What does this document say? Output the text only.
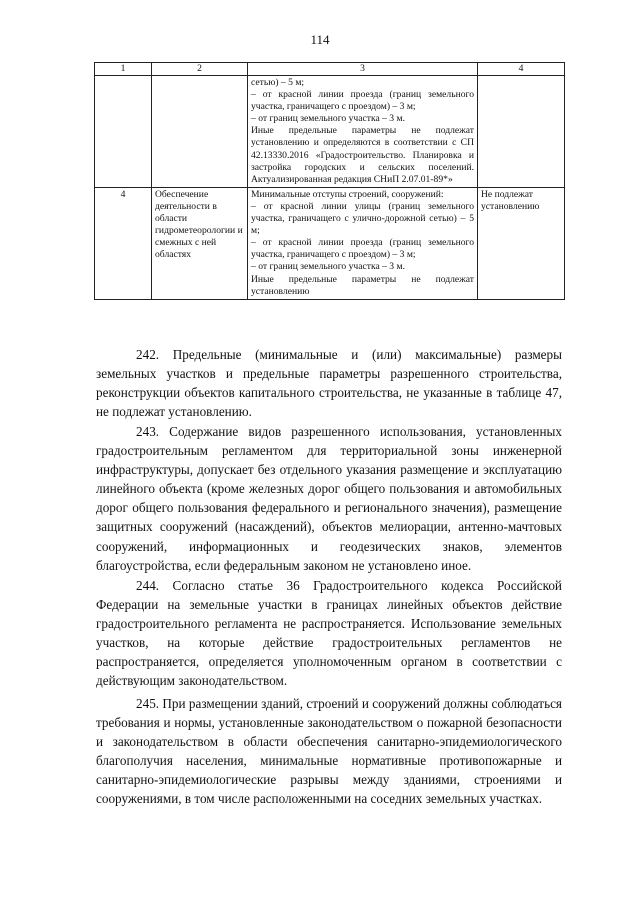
114
1	2	3	4

		сетью) – 5 м;
– от красной линии проезда (границ земельного участка, граничащего с проездом) – 3 м;
– от границ земельного участка – 3 м.
Иные предельные параметры не подлежат установлению и определяются в соответствии с СП 42.13330.2016 «Градостроительство. Планировка и застройка городских и сельских поселений. Актуализированная редакция СНиП 2.07.01-89*»	

4	Обеспечение деятельности в области гидрометеорологии и смежных с ней областях	Минимальные отступы строений, сооружений:
– от красной линии улицы (границ земельного участка, граничащего с улично-дорожной сетью) – 5 м;
– от красной линии проезда (границ земельного участка, граничащего с проездом) – 3 м;
– от границ земельного участка – 3 м.
Иные предельные параметры не подлежат установлению	Не подлежат установлению

242. Предельные (минимальные и (или) максимальные) размеры земельных участков и предельные параметры разрешенного строительства, реконструкции объектов капитального строительства, не указанные в таблице 47, не подлежат установлению.

243. Содержание видов разрешенного использования, установленных градостроительным регламентом для территориальной зоны инженерной инфраструктуры, допускает без отдельного указания размещение и эксплуатацию линейного объекта (кроме железных дорог общего пользования и автомобильных дорог общего пользования федерального и регионального значения), размещение защитных сооружений (насаждений), объектов мелиорации, антенно-мачтовых сооружений, информационных и геодезических знаков, элементов благоустройства, если федеральным законом не установлено иное.

244. Согласно статье 36 Градостроительного кодекса Российской Федерации на земельные участки в границах линейных объектов действие градостроительного регламента не распространяется. Использование земельных участков, на которые действие градостроительных регламентов не распространяется, определяется уполномоченным органом в соответствии с действующим законодательством.

245. При размещении зданий, строений и сооружений должны соблюдаться требования и нормы, установленные законодательством о пожарной безопасности и законодательством в области обеспечения санитарно-эпидемиологического благополучия населения, минимальные нормативные противопожарные и санитарно-эпидемиологические разрывы между зданиями, строениями и сооружениями, в том числе расположенными на соседних земельных участках.
